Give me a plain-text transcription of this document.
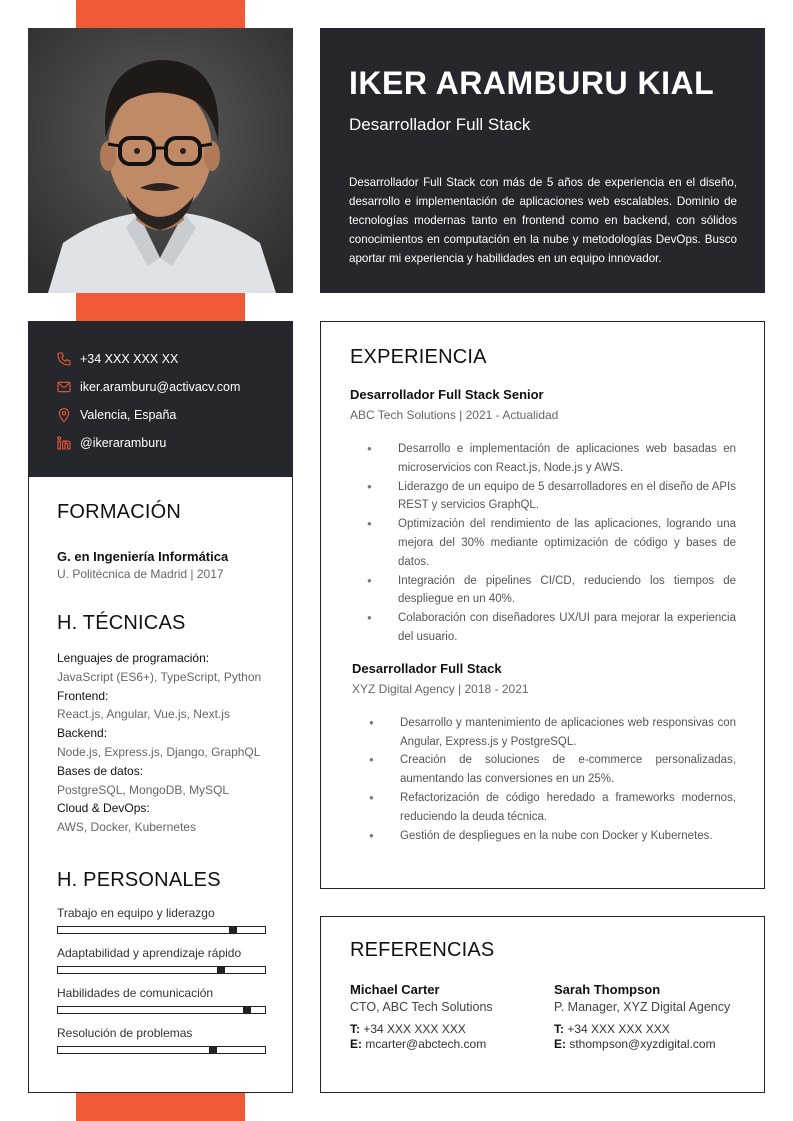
IKER ARAMBURU KIAL
Desarrollador Full Stack
Desarrollador Full Stack con más de 5 años de experiencia en el diseño, desarrollo e implementación de aplicaciones web escalables. Dominio de tecnologías modernas tanto en frontend como en backend, con sólidos conocimientos en computación en la nube y metodologías DevOps. Busco aportar mi experiencia y habilidades en un equipo innovador.
+34 XXX XXX XX
iker.aramburu@activacv.com
Valencia, España
@ikeraramburu
FORMACIÓN
G. en Ingeniería Informática
U. Politécnica de Madrid | 2017
H. TÉCNICAS
Lenguajes de programación:
JavaScript (ES6+), TypeScript, Python
Frontend:
React.js, Angular, Vue.js, Next.js
Backend:
Node.js, Express.js, Django, GraphQL
Bases de datos:
PostgreSQL, MongoDB, MySQL
Cloud & DevOps:
AWS, Docker, Kubernetes
H. PERSONALES
Trabajo en equipo y liderazgo
Adaptabilidad y aprendizaje rápido
Habilidades de comunicación
Resolución de problemas
EXPERIENCIA
Desarrollador Full Stack Senior
ABC Tech Solutions | 2021 - Actualidad
● Desarrollo e implementación de aplicaciones web basadas en microservicios con React.js, Node.js y AWS.
● Liderazgo de un equipo de 5 desarrolladores en el diseño de APIs REST y servicios GraphQL.
● Optimización del rendimiento de las aplicaciones, logrando una mejora del 30% mediante optimización de código y bases de datos.
● Integración de pipelines CI/CD, reduciendo los tiempos de despliegue en un 40%.
● Colaboración con diseñadores UX/UI para mejorar la experiencia del usuario.
Desarrollador Full Stack
XYZ Digital Agency | 2018 - 2021
● Desarrollo y mantenimiento de aplicaciones web responsivas con Angular, Express.js y PostgreSQL.
● Creación de soluciones de e-commerce personalizadas, aumentando las conversiones en un 25%.
● Refactorización de código heredado a frameworks modernos, reduciendo la deuda técnica.
● Gestión de despliegues en la nube con Docker y Kubernetes.
REFERENCIAS
Michael Carter
CTO, ABC Tech Solutions
T: +34 XXX XXX XXX
E: mcarter@abctech.com
Sarah Thompson
P. Manager, XYZ Digital Agency
T: +34 XXX XXX XXX
E: sthompson@xyzdigital.com
